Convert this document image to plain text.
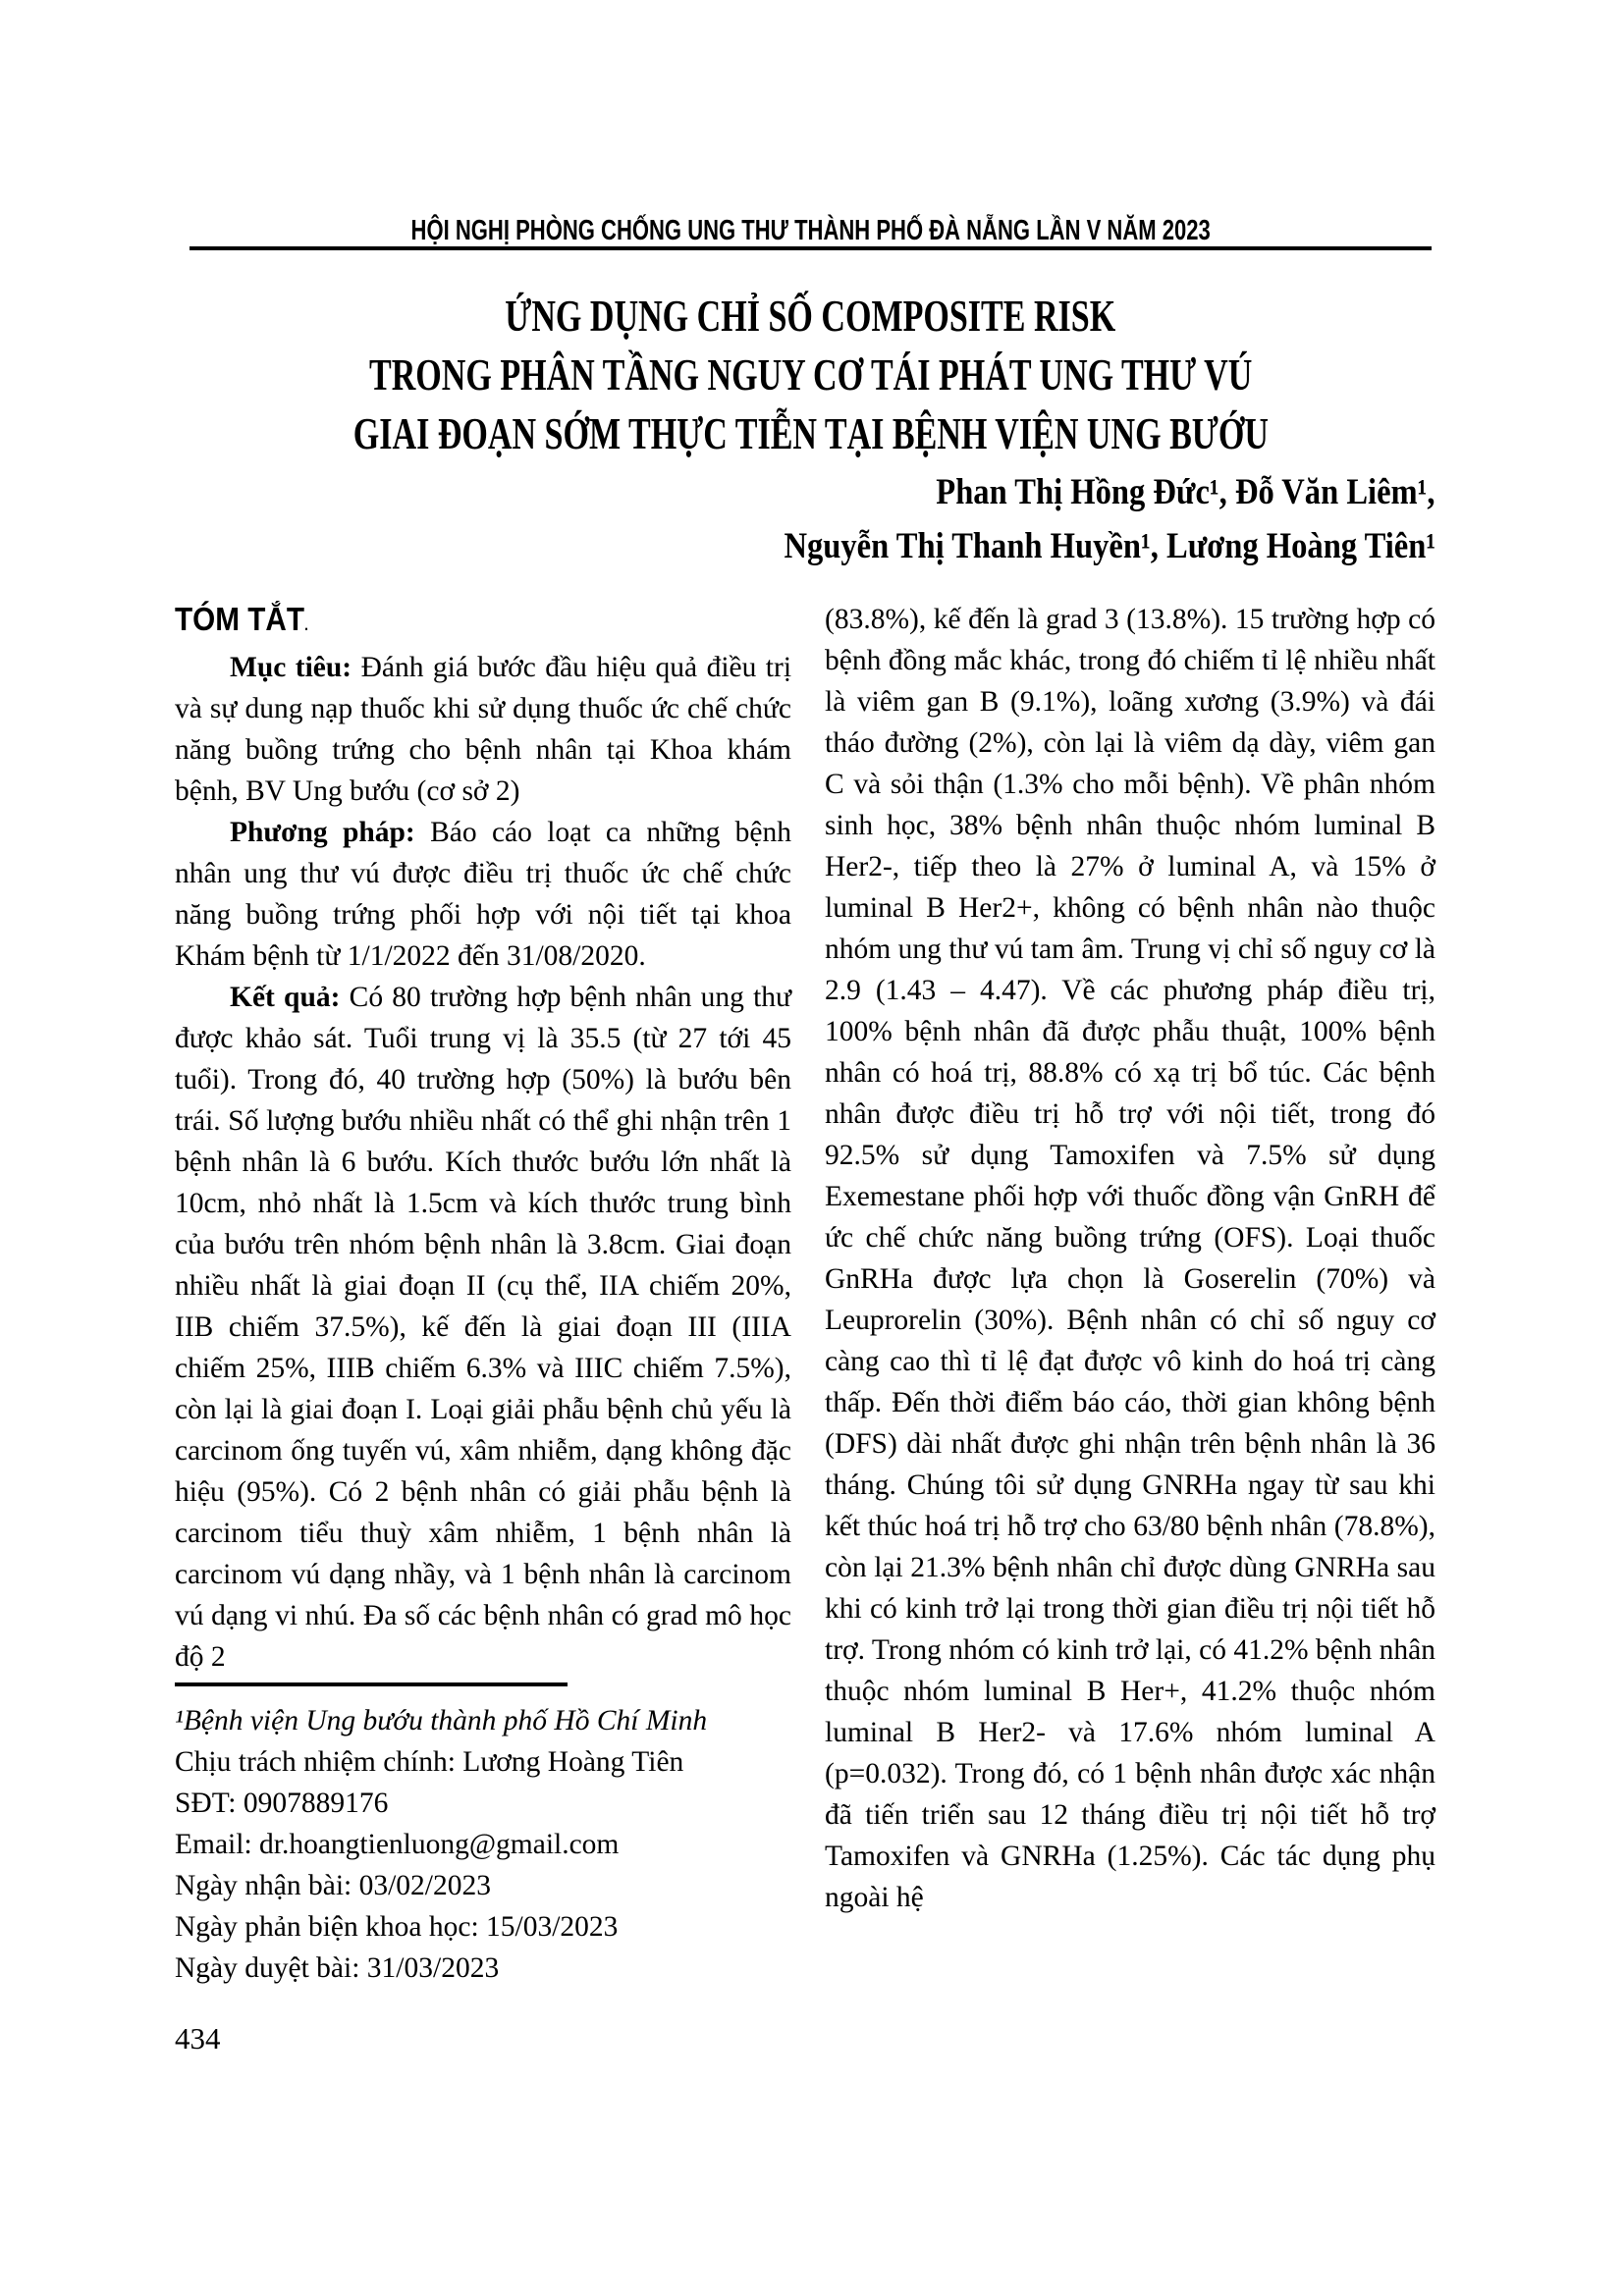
HỘI NGHỊ PHÒNG CHỐNG UNG THƯ THÀNH PHỐ ĐÀ NẴNG LẦN V NĂM 2023
ỨNG DỤNG CHỈ SỐ COMPOSITE RISK
TRONG PHÂN TẦNG NGUY CƠ TÁI PHÁT UNG THƯ VÚ
GIAI ĐOẠN SỚM THỰC TIỄN TẠI BỆNH VIỆN UNG BƯỚU
Phan Thị Hồng Đức¹, Đỗ Văn Liêm¹,
Nguyễn Thị Thanh Huyền¹, Lương Hoàng Tiên¹
TÓM TẮT.

Mục tiêu: Đánh giá bước đầu hiệu quả điều trị và sự dung nạp thuốc khi sử dụng thuốc ức chế chức năng buồng trứng cho bệnh nhân tại Khoa khám bệnh, BV Ung bướu (cơ sở 2)

Phương pháp: Báo cáo loạt ca những bệnh nhân ung thư vú được điều trị thuốc ức chế chức năng buồng trứng phối hợp với nội tiết tại khoa Khám bệnh từ 1/1/2022 đến 31/08/2020.

Kết quả: Có 80 trường hợp bệnh nhân ung thư được khảo sát. Tuổi trung vị là 35.5 (từ 27 tới 45 tuổi). Trong đó, 40 trường hợp (50%) là bướu bên trái. Số lượng bướu nhiều nhất có thể ghi nhận trên 1 bệnh nhân là 6 bướu. Kích thước bướu lớn nhất là 10cm, nhỏ nhất là 1.5cm và kích thước trung bình của bướu trên nhóm bệnh nhân là 3.8cm. Giai đoạn nhiều nhất là giai đoạn II (cụ thể, IIA chiếm 20%, IIB chiếm 37.5%), kế đến là giai đoạn III (IIIA chiếm 25%, IIIB chiếm 6.3% và IIIC chiếm 7.5%), còn lại là giai đoạn I. Loại giải phẫu bệnh chủ yếu là carcinom ống tuyến vú, xâm nhiễm, dạng không đặc hiệu (95%). Có 2 bệnh nhân có giải phẫu bệnh là carcinom tiểu thuỳ xâm nhiễm, 1 bệnh nhân là carcinom vú dạng nhầy, và 1 bệnh nhân là carcinom vú dạng vi nhú. Đa số các bệnh nhân có grad mô học độ 2

(83.8%), kế đến là grad 3 (13.8%). 15 trường hợp có bệnh đồng mắc khác, trong đó chiếm tỉ lệ nhiều nhất là viêm gan B (9.1%), loãng xương (3.9%) và đái tháo đường (2%), còn lại là viêm dạ dày, viêm gan C và sỏi thận (1.3% cho mỗi bệnh). Về phân nhóm sinh học, 38% bệnh nhân thuộc nhóm luminal B Her2-, tiếp theo là 27% ở luminal A, và 15% ở luminal B Her2+, không có bệnh nhân nào thuộc nhóm ung thư vú tam âm. Trung vị chỉ số nguy cơ là 2.9 (1.43 – 4.47). Về các phương pháp điều trị, 100% bệnh nhân đã được phẫu thuật, 100% bệnh nhân có hoá trị, 88.8% có xạ trị bổ túc. Các bệnh nhân được điều trị hỗ trợ với nội tiết, trong đó 92.5% sử dụng Tamoxifen và 7.5% sử dụng Exemestane phối hợp với thuốc đồng vận GnRH để ức chế chức năng buồng trứng (OFS). Loại thuốc GnRHa được lựa chọn là Goserelin (70%) và Leuprorelin (30%). Bệnh nhân có chỉ số nguy cơ càng cao thì tỉ lệ đạt được vô kinh do hoá trị càng thấp. Đến thời điểm báo cáo, thời gian không bệnh (DFS) dài nhất được ghi nhận trên bệnh nhân là 36 tháng. Chúng tôi sử dụng GNRHa ngay từ sau khi kết thúc hoá trị hỗ trợ cho 63/80 bệnh nhân (78.8%), còn lại 21.3% bệnh nhân chỉ được dùng GNRHa sau khi có kinh trở lại trong thời gian điều trị nội tiết hỗ trợ. Trong nhóm có kinh trở lại, có 41.2% bệnh nhân thuộc nhóm luminal B Her+, 41.2% thuộc nhóm luminal B Her2- và 17.6% nhóm luminal A (p=0.032). Trong đó, có 1 bệnh nhân được xác nhận đã tiến triển sau 12 tháng điều trị nội tiết hỗ trợ Tamoxifen và GNRHa (1.25%). Các tác dụng phụ ngoài hệ

¹Bệnh viện Ung bướu thành phố Hồ Chí Minh
Chịu trách nhiệm chính: Lương Hoàng Tiên
SĐT: 0907889176
Email: dr.hoangtienluong@gmail.com
Ngày nhận bài: 03/02/2023
Ngày phản biện khoa học: 15/03/2023
Ngày duyệt bài: 31/03/2023
434
